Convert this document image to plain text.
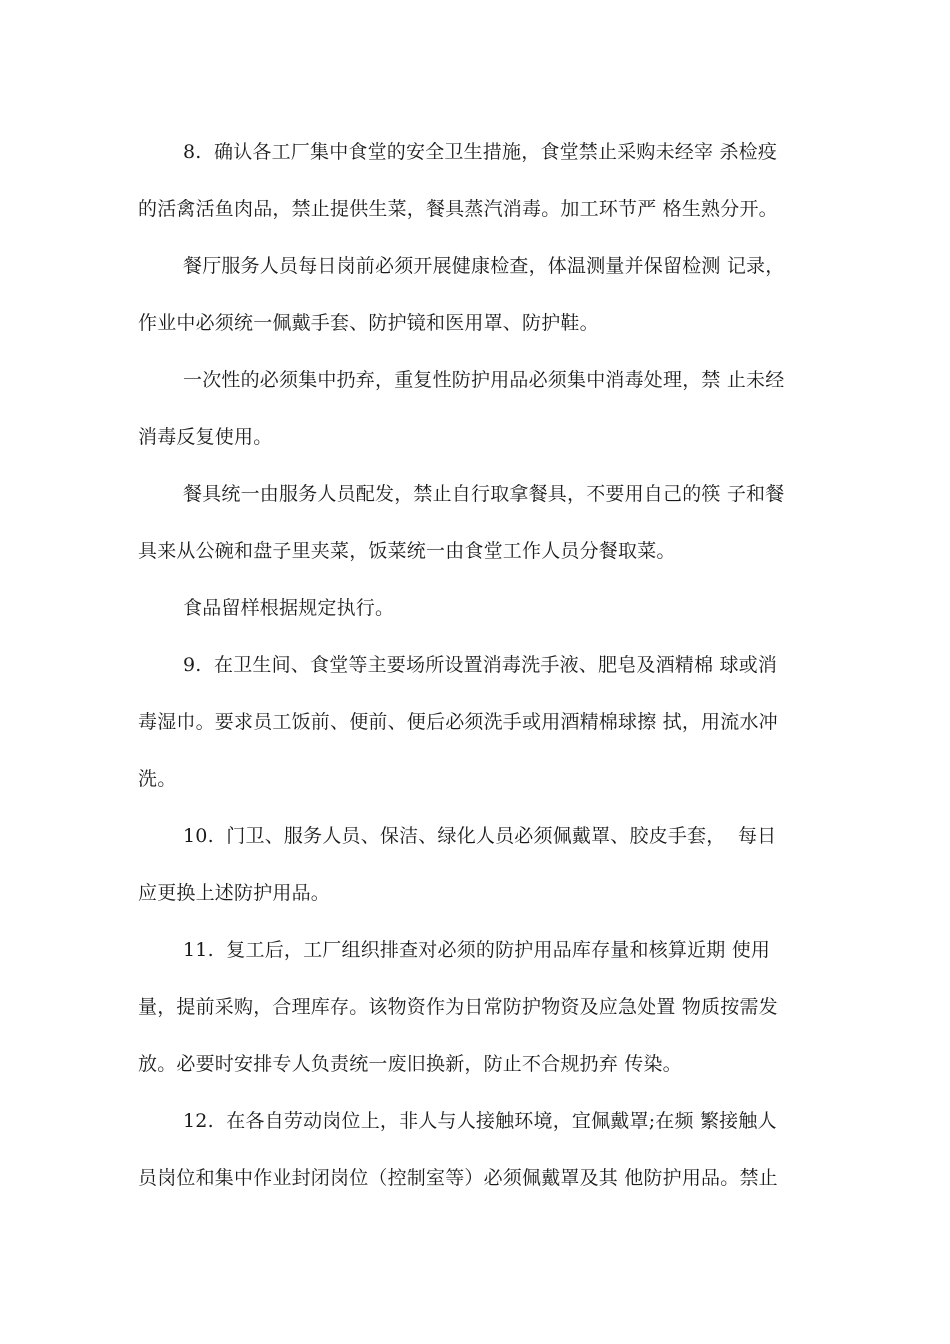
8.  确认各工厂集中食堂的安全卫生措施，食堂禁止采购未经宰 杀检疫
的活禽活鱼肉品，禁止提供生菜，餐具蒸汽消毒。加工环节严 格生熟分开。
餐厅服务人员每日岗前必须开展健康检查，体温测量并保留检测 记录，
作业中必须统一佩戴手套、防护镜和医用罩、防护鞋。
一次性的必须集中扔弃，重复性防护用品必须集中消毒处理，禁 止未经
消毒反复使用。
餐具统一由服务人员配发，禁止自行取拿餐具，不要用自己的筷 子和餐
具来从公碗和盘子里夹菜，饭菜统一由食堂工作人员分餐取菜。
食品留样根据规定执行。
9.  在卫生间、食堂等主要场所设置消毒洗手液、肥皂及酒精棉 球或消
毒湿巾。要求员工饭前、便前、便后必须洗手或用酒精棉球擦 拭，用流水冲
洗。
10.  门卫、服务人员、保洁、绿化人员必须佩戴罩、胶皮手套，  每日
应更换上述防护用品。
11.  复工后，工厂组织排查对必须的防护用品库存量和核算近期 使用
量，提前采购，合理库存。该物资作为日常防护物资及应急处置 物质按需发
放。必要时安排专人负责统一废旧换新，防止不合规扔弃 传染。
12.  在各自劳动岗位上，非人与人接触环境，宜佩戴罩;在频 繁接触人
员岗位和集中作业封闭岗位（控制室等）必须佩戴罩及其 他防护用品。禁止
